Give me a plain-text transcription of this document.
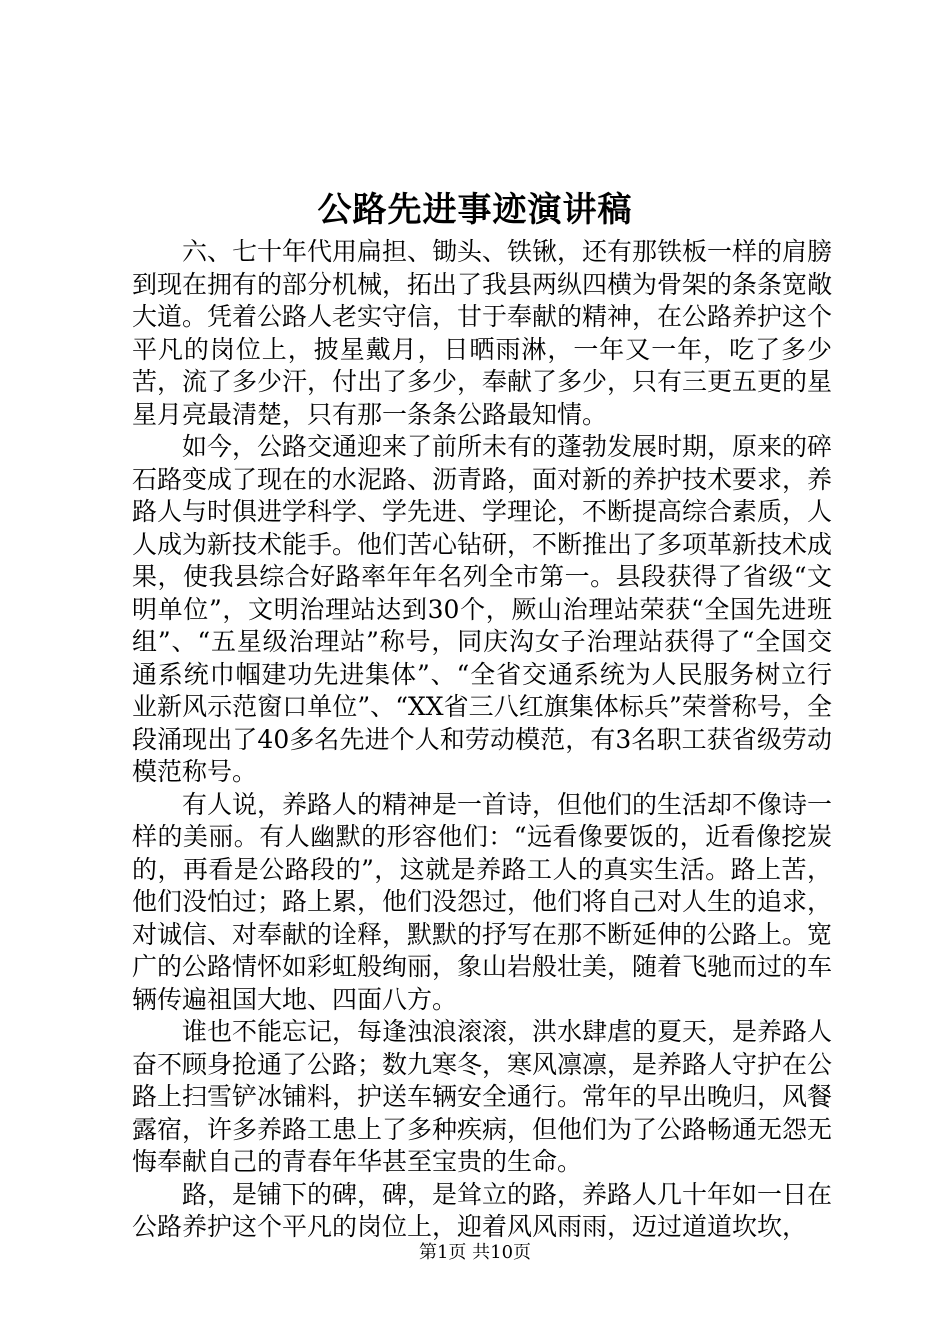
公路先进事迹演讲稿

六、七十年代用扁担、锄头、铁锹，还有那铁板一样的肩膀到现在拥有的部分机械，拓出了我县两纵四横为骨架的条条宽敞大道。凭着公路人老实守信，甘于奉献的精神，在公路养护这个平凡的岗位上，披星戴月，日晒雨淋，一年又一年，吃了多少苦，流了多少汗，付出了多少，奉献了多少，只有三更五更的星星月亮最清楚，只有那一条条公路最知情。

如今，公路交通迎来了前所未有的蓬勃发展时期，原来的碎石路变成了现在的水泥路、沥青路，面对新的养护技术要求，养路人与时俱进学科学、学先进、学理论，不断提高综合素质，人人成为新技术能手。他们苦心钻研，不断推出了多项革新技术成果，使我县综合好路率年年名列全市第一。县段获得了省级“文明单位”，文明治理站达到30个，厥山治理站荣获“全国先进班组”、“五星级治理站”称号，同庆沟女子治理站获得了“全国交通系统巾帼建功先进集体”、“全省交通系统为人民服务树立行业新风示范窗口单位”、“XX省三八红旗集体标兵”荣誉称号，全段涌现出了40多名先进个人和劳动模范，有3名职工获省级劳动模范称号。

有人说，养路人的精神是一首诗，但他们的生活却不像诗一样的美丽。有人幽默的形容他们：“远看像要饭的，近看像挖炭的，再看是公路段的”，这就是养路工人的真实生活。路上苦，他们没怕过；路上累，他们没怨过，他们将自己对人生的追求，对诚信、对奉献的诠释，默默的抒写在那不断延伸的公路上。宽广的公路情怀如彩虹般绚丽，象山岩般壮美，随着飞驰而过的车辆传遍祖国大地、四面八方。

谁也不能忘记，每逢浊浪滚滚，洪水肆虐的夏天，是养路人奋不顾身抢通了公路；数九寒冬，寒风凛凛，是养路人守护在公路上扫雪铲冰铺料，护送车辆安全通行。常年的早出晚归，风餐露宿，许多养路工患上了多种疾病，但他们为了公路畅通无怨无悔奉献自己的青春年华甚至宝贵的生命。

路，是铺下的碑，碑，是耸立的路，养路人几十年如一日在公路养护这个平凡的岗位上，迎着风风雨雨，迈过道道坎坎，

第1页 共10页
